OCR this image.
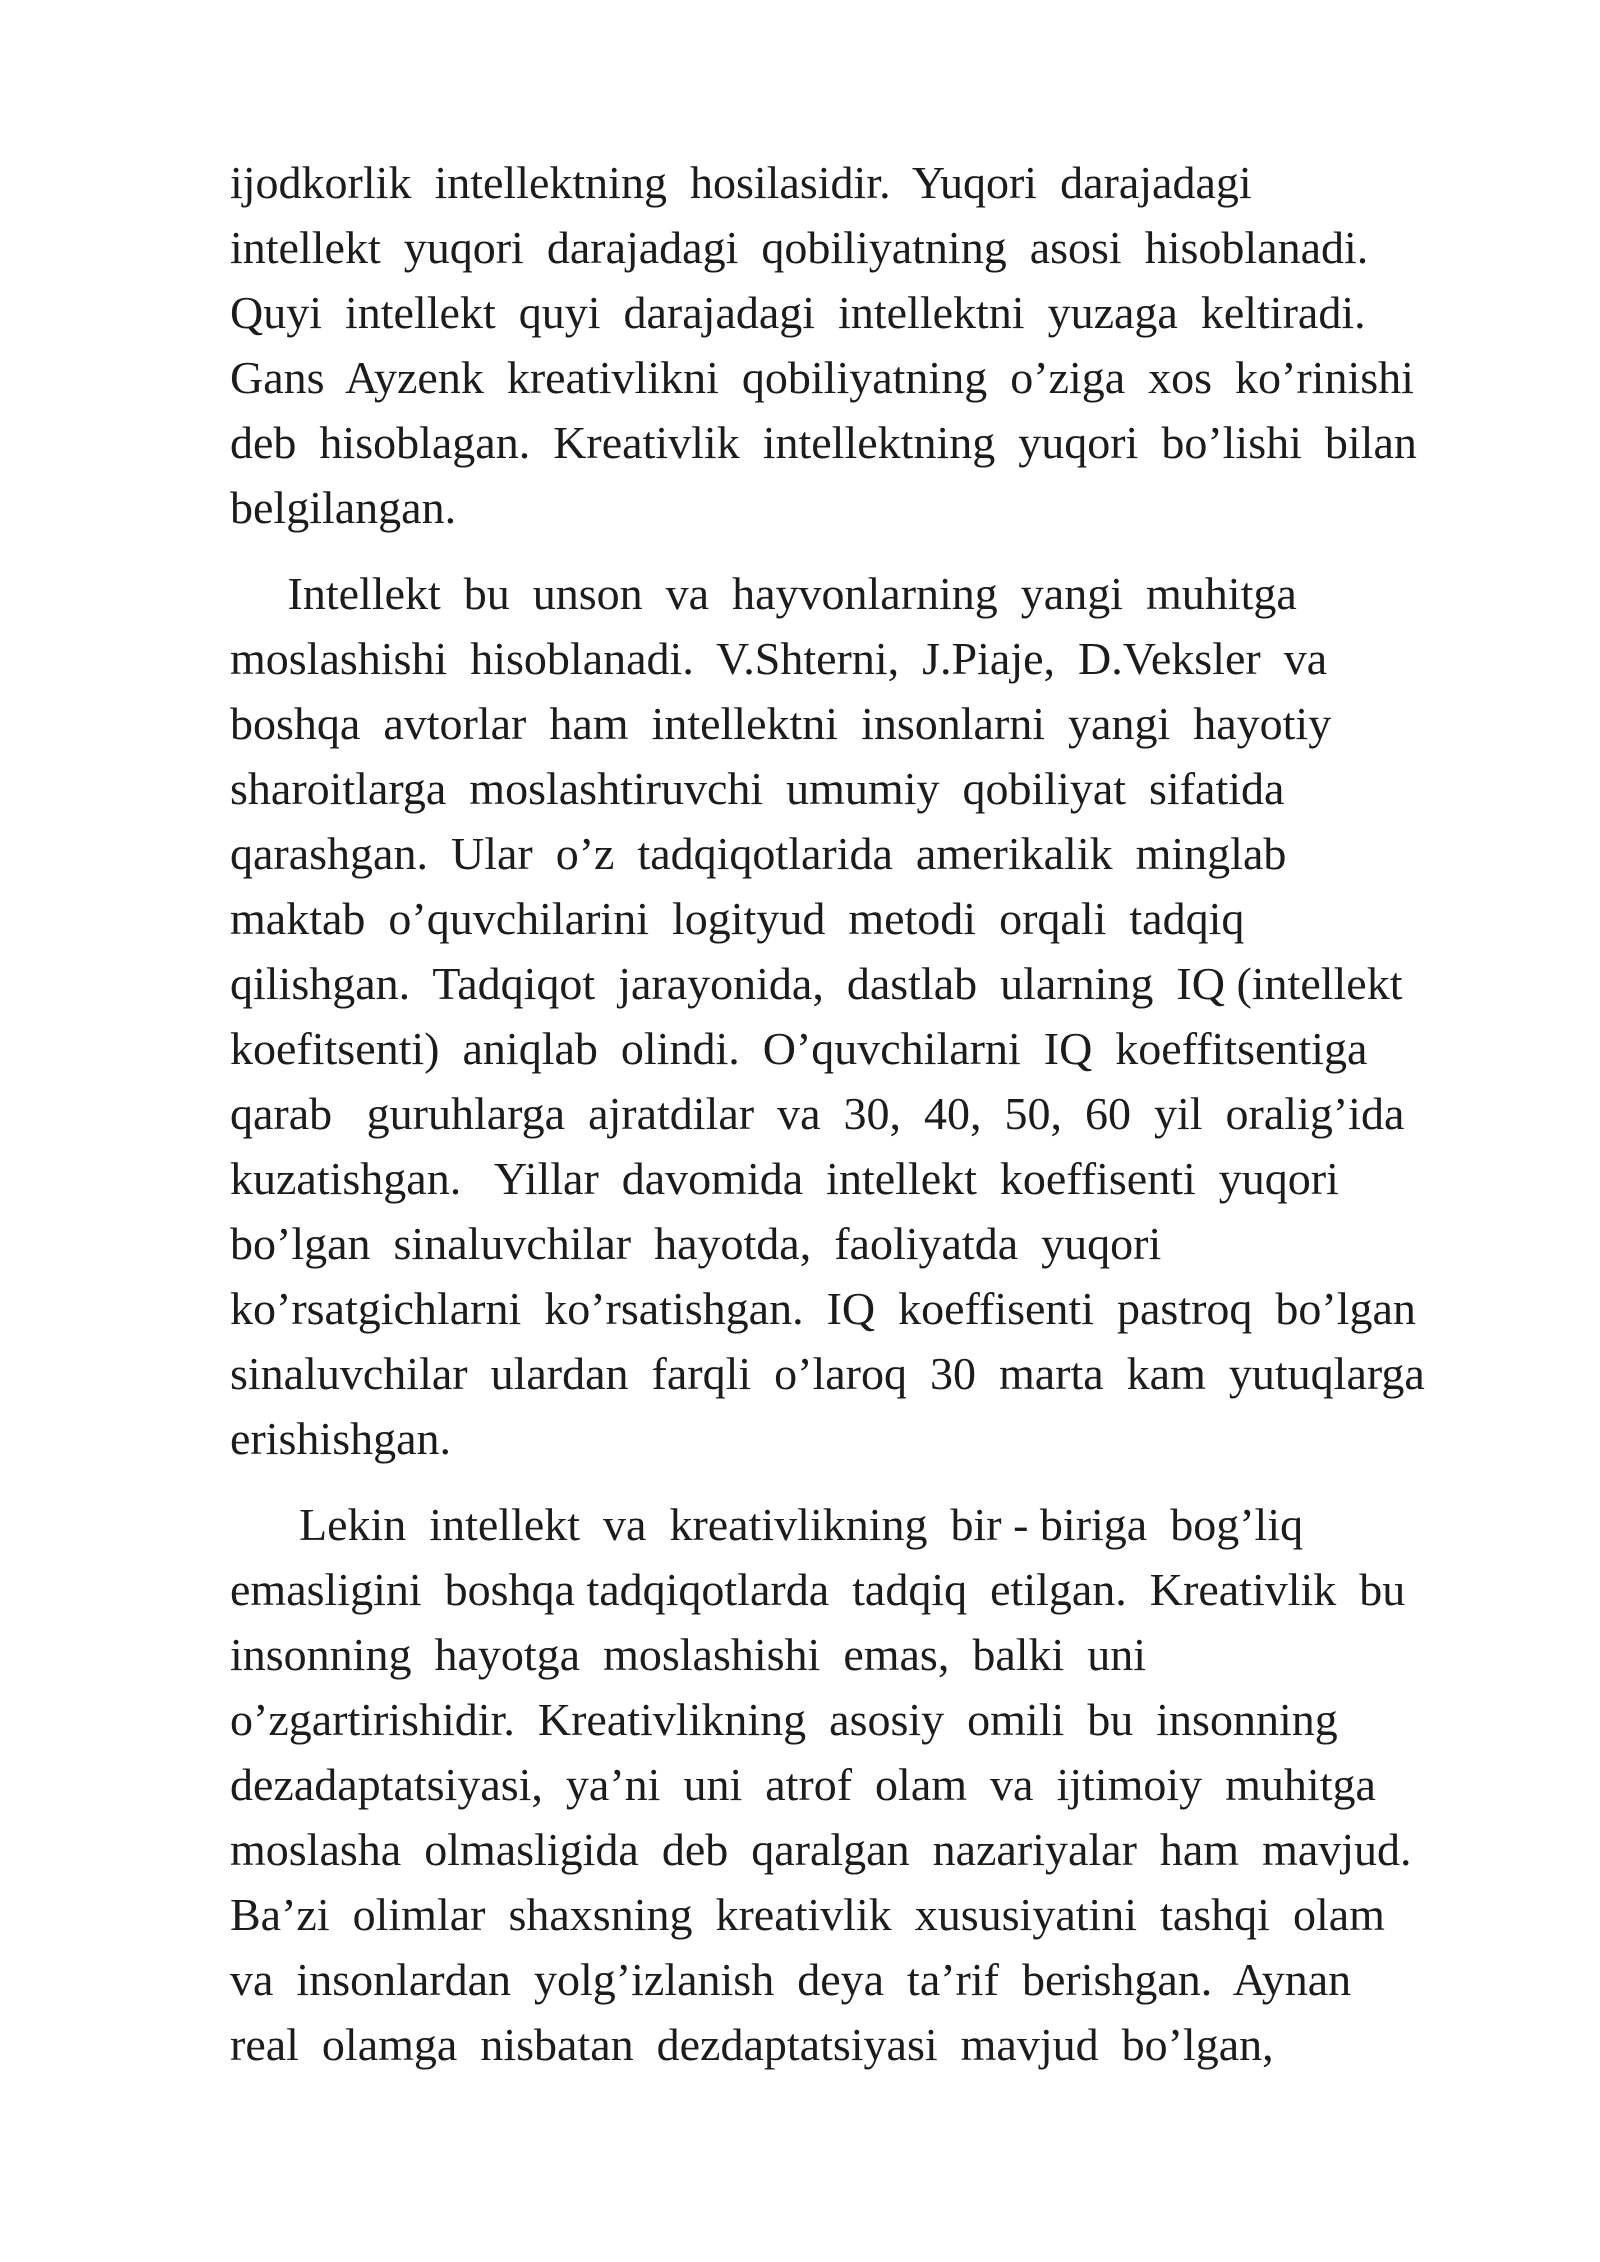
ijodkorlik  intellektning  hosilasidir.  Yuqori  darajadagi
intellekt  yuqori  darajadagi  qobiliyatning  asosi  hisoblanadi.
Quyi  intellekt  quyi  darajadagi  intellektni  yuzaga  keltiradi.
Gans  Ayzenk  kreativlikni  qobiliyatning  o’ziga  xos  ko’rinishi
deb  hisoblagan.  Kreativlik  intellektning  yuqori  bo’lishi  bilan
belgilangan.
Intellekt  bu  unson  va  hayvonlarning  yangi  muhitga
moslashishi  hisoblanadi.  V.Shterni,  J.Piaje,  D.Veksler  va
boshqa  avtorlar  ham  intellektni  insonlarni  yangi  hayotiy
sharoitlarga  moslashtiruvchi  umumiy  qobiliyat  sifatida
qarashgan.  Ular  o’z  tadqiqotlarida  amerikalik  minglab
maktab  o’quvchilarini  logityud  metodi  orqali  tadqiq
qilishgan.  Tadqiqot  jarayonida,  dastlab  ularning  IQ (intellekt
koefitsenti)  aniqlab  olindi.  O’quvchilarni  IQ  koeffitsentiga
qarab   guruhlarga  ajratdilar  va  30,  40,  50,  60  yil  oralig’ida
kuzatishgan.   Yillar  davomida  intellekt  koeffisenti  yuqori
bo’lgan  sinaluvchilar  hayotda,  faoliyatda  yuqori
ko’rsatgichlarni  ko’rsatishgan.  IQ  koeffisenti  pastroq  bo’lgan
sinaluvchilar  ulardan  farqli  o’laroq  30  marta  kam  yutuqlarga
erishishgan.
Lekin  intellekt  va  kreativlikning  bir - biriga  bog’liq
emasligini  boshqa tadqiqotlarda  tadqiq  etilgan.  Kreativlik  bu
insonning  hayotga  moslashishi  emas,  balki  uni
o’zgartirishidir.  Kreativlikning  asosiy  omili  bu  insonning
dezadaptatsiyasi,  ya’ni  uni  atrof  olam  va  ijtimoiy  muhitga
moslasha  olmasligida  deb  qaralgan  nazariyalar  ham  mavjud.
Ba’zi  olimlar  shaxsning  kreativlik  xususiyatini  tashqi  olam
va  insonlardan  yolg’izlanish  deya  ta’rif  berishgan.  Aynan
real  olamga  nisbatan  dezdaptatsiyasi  mavjud  bo’lgan,
